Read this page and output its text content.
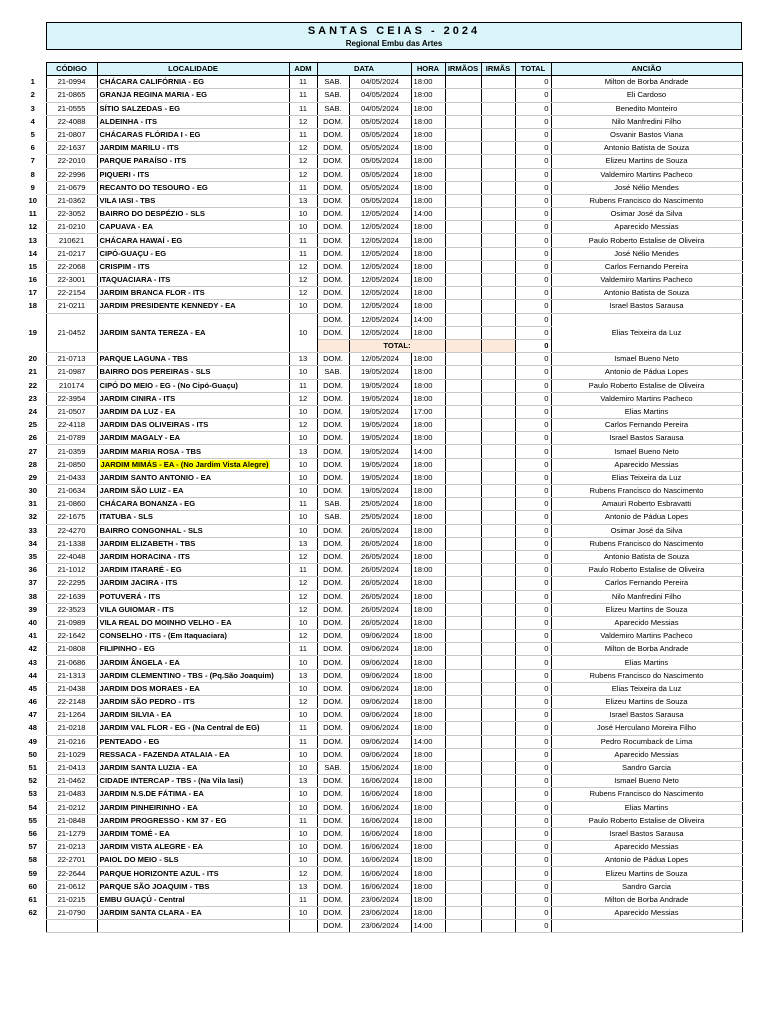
SANTAS CEIAS - 2024
Regional Embu das Artes
	CÓDIGO	LOCALIDADE	ADM	DATA		HORA	IRMÃOS	IRMÃS	TOTAL	ANCIÃO
1	21-0994	CHÁCARA CALIFÓRNIA - EG	11	SAB.	04/05/2024	18:00			0	Milton de Borba Andrade
2	21-0865	GRANJA REGINA MARIA - EG	11	SAB.	04/05/2024	18:00			0	Eli Cardoso
3	21-0555	SÍTIO SALZEDAS - EG	11	SAB.	04/05/2024	18:00			0	Benedito Monteiro
4	22-4088	ALDEINHA - ITS	12	DOM.	05/05/2024	18:00			0	Nilo Manfredini Filho
5	21-0807	CHÁCARAS FLÓRIDA I - EG	11	DOM.	05/05/2024	18:00			0	Osvanir Bastos Viana
6	22-1637	JARDIM MARILU - ITS	12	DOM.	05/05/2024	18:00			0	Antonio Batista de Souza
7	22-2010	PARQUE PARAÍSO - ITS	12	DOM.	05/05/2024	18:00			0	Elizeu Martins de Souza
8	22-2996	PIQUERI - ITS	12	DOM.	05/05/2024	18:00			0	Valdemiro Martins Pacheco
9	21-0679	RECANTO DO TESOURO - EG	11	DOM.	05/05/2024	18:00			0	José Nélio Mendes
10	21-0362	VILA IASI - TBS	13	DOM.	05/05/2024	18:00			0	Rubens Francisco do Nascimento
11	22-3052	BAIRRO DO DESPÉZIO - SLS	10	DOM.	12/05/2024	14:00			0	Osimar José da Silva
12	21-0210	CAPUAVA - EA	10	DOM.	12/05/2024	18:00			0	Aparecido Messias
13	210621	CHÁCARA HAWAÍ - EG	11	DOM.	12/05/2024	18:00			0	Paulo Roberto Estalise de Oliveira
14	21-0217	CIPÓ-GUAÇU - EG	11	DOM.	12/05/2024	18:00			0	José Nélio Mendes
15	22-2068	CRISPIM - ITS	12	DOM.	12/05/2024	18:00			0	Carlos Fernando Pereira
16	22-3001	ITAQUACIARA - ITS	12	DOM.	12/05/2024	18:00			0	Valdemiro Martins Pacheco
17	22-2154	JARDIM BRANCA FLOR - ITS	12	DOM.	12/05/2024	18:00			0	Antonio Batista de Souza
18	21-0211	JARDIM PRESIDENTE KENNEDY - EA	10	DOM.	12/05/2024	18:00			0	Israel Bastos Sarausa
19	21-0452	JARDIM SANTA TEREZA - EA	10	DOM.	12/05/2024	14:00			0	Elias Teixeira da Luz
				DOM.	12/05/2024	18:00			0	
					TOTAL:				0	
20	21-0713	PARQUE LAGUNA - TBS	13	DOM.	12/05/2024	18:00			0	Ismael Bueno Neto
21	21-0987	BAIRRO DOS PEREIRAS - SLS	10	SAB.	19/05/2024	18:00			0	Antonio de Pádua Lopes
22	210174	CIPÓ DO MEIO - EG - (No Cipó-Guaçu)	11	DOM.	19/05/2024	18:00			0	Paulo Roberto Estalise de Oliveira
23	22-3954	JARDIM CINIRA - ITS	12	DOM.	19/05/2024	18:00			0	Valdemiro Martins Pacheco
24	21-0507	JARDIM DA LUZ - EA	10	DOM.	19/05/2024	17:00			0	Elias Martins
25	22-4118	JARDIM DAS OLIVEIRAS - ITS	12	DOM.	19/05/2024	18:00			0	Carlos Fernando Pereira
26	21-0789	JARDIM MAGALY - EA	10	DOM.	19/05/2024	18:00			0	Israel Bastos Sarausa
27	21-0359	JARDIM MARIA ROSA - TBS	13	DOM.	19/05/2024	14:00			0	Ismael Bueno Neto
28	21-0850	JARDIM MIMÁS - EA - (No Jardim Vista Alegre)	10	DOM.	19/05/2024	18:00			0	Aparecido Messias
29	21-0433	JARDIM SANTO ANTONIO - EA	10	DOM.	19/05/2024	18:00			0	Elias Teixeira da Luz
30	21-0634	JARDIM SÃO LUIZ - EA	10	DOM.	19/05/2024	18:00			0	Rubens Francisco do Nascimento
31	21-0860	CHÁCARA BONANZA - EG	11	SAB.	25/05/2024	18:00			0	Amauri Roberto Esbravatti
32	22-1675	ITATUBA - SLS	10	SAB.	25/05/2024	18:00			0	Antonio de Pádua Lopes
33	22-4270	BAIRRO CONGONHAL - SLS	10	DOM.	26/05/2024	18:00			0	Osimar José da Silva
34	21-1338	JARDIM ELIZABETH - TBS	13	DOM.	26/05/2024	18:00			0	Rubens Francisco do Nascimento
35	22-4048	JARDIM HORACINA - ITS	12	DOM.	26/05/2024	18:00			0	Antonio Batista de Souza
36	21-1012	JARDIM ITARARÉ - EG	11	DOM.	26/05/2024	18:00			0	Paulo Roberto Estalise de Oliveira
37	22-2295	JARDIM JACIRA - ITS	12	DOM.	26/05/2024	18:00			0	Carlos Fernando Pereira
38	22-1639	POTUVERÁ - ITS	12	DOM.	26/05/2024	18:00			0	Nilo Manfredini Filho
39	22-3523	VILA GUIOMAR - ITS	12	DOM.	26/05/2024	18:00			0	Elizeu Martins de Souza
40	21-0989	VILA REAL DO MOINHO VELHO - EA	10	DOM.	26/05/2024	18:00			0	Aparecido Messias
41	22-1642	CONSELHO - ITS - (Em Itaquaciara)	12	DOM.	09/06/2024	18:00			0	Valdemiro Martins Pacheco
42	21-0808	FILIPINHO - EG	11	DOM.	09/06/2024	18:00			0	Milton de Borba Andrade
43	21-0686	JARDIM ÂNGELA - EA	10	DOM.	09/06/2024	18:00			0	Elias Martins
44	21-1313	JARDIM CLEMENTINO - TBS - (Pq.São Joaquim)	13	DOM.	09/06/2024	18:00			0	Rubens Francisco do Nascimento
45	21-0438	JARDIM DOS MORAES - EA	10	DOM.	09/06/2024	18:00			0	Elias Teixeira da Luz
46	22-2148	JARDIM SÃO PEDRO - ITS	12	DOM.	09/06/2024	18:00			0	Elizeu Martins de Souza
47	21-1264	JARDIM SILVIA - EA	10	DOM.	09/06/2024	18:00			0	Israel Bastos Sarausa
48	21-0218	JARDIM VAL FLOR - EG - (Na Central de EG)	11	DOM.	09/06/2024	18:00			0	José Herculano Moreira Filho
49	21-0216	PENTEADO - EG	11	DOM.	09/06/2024	14:00			0	Pedro Rocumback de Lima
50	21-1029	RESSACA - FAZENDA ATALAIA - EA	10	DOM.	09/06/2024	18:00			0	Aparecido Messias
51	21-0413	JARDIM SANTA LUZIA - EA	10	SAB.	15/06/2024	18:00			0	Sandro Garcia
52	21-0462	CIDADE INTERCAP - TBS - (Na Vila Iasi)	13	DOM.	16/06/2024	18:00			0	Ismael Bueno Neto
53	21-0483	JARDIM N.S.DE FÁTIMA - EA	10	DOM.	16/06/2024	18:00			0	Rubens Francisco do Nascimento
54	21-0212	JARDIM PINHEIRINHO - EA	10	DOM.	16/06/2024	18:00			0	Elias Martins
55	21-0848	JARDIM PROGRESSO - KM 37 - EG	11	DOM.	16/06/2024	18:00			0	Paulo Roberto Estalise de Oliveira
56	21-1279	JARDIM TOMÉ - EA	10	DOM.	16/06/2024	18:00			0	Israel Bastos Sarausa
57	21-0213	JARDIM VISTA ALEGRE - EA	10	DOM.	16/06/2024	18:00			0	Aparecido Messias
58	22-2701	PAIOL DO MEIO - SLS	10	DOM.	16/06/2024	18:00			0	Antonio de Pádua Lopes
59	22-2644	PARQUE HORIZONTE AZUL - ITS	12	DOM.	16/06/2024	18:00			0	Elizeu Martins de Souza
60	21-0612	PARQUE SÃO JOAQUIM - TBS	13	DOM.	16/06/2024	18:00			0	Sandro Garcia
61	21-0215	EMBU GUAÇÚ - Central	11	DOM.	23/06/2024	18:00			0	Milton de Borba Andrade
62	21-0790	JARDIM SANTA CLARA - EA	10	DOM.	23/06/2024	18:00			0	Aparecido Messias
				DOM.	23/06/2024	14:00			0	
